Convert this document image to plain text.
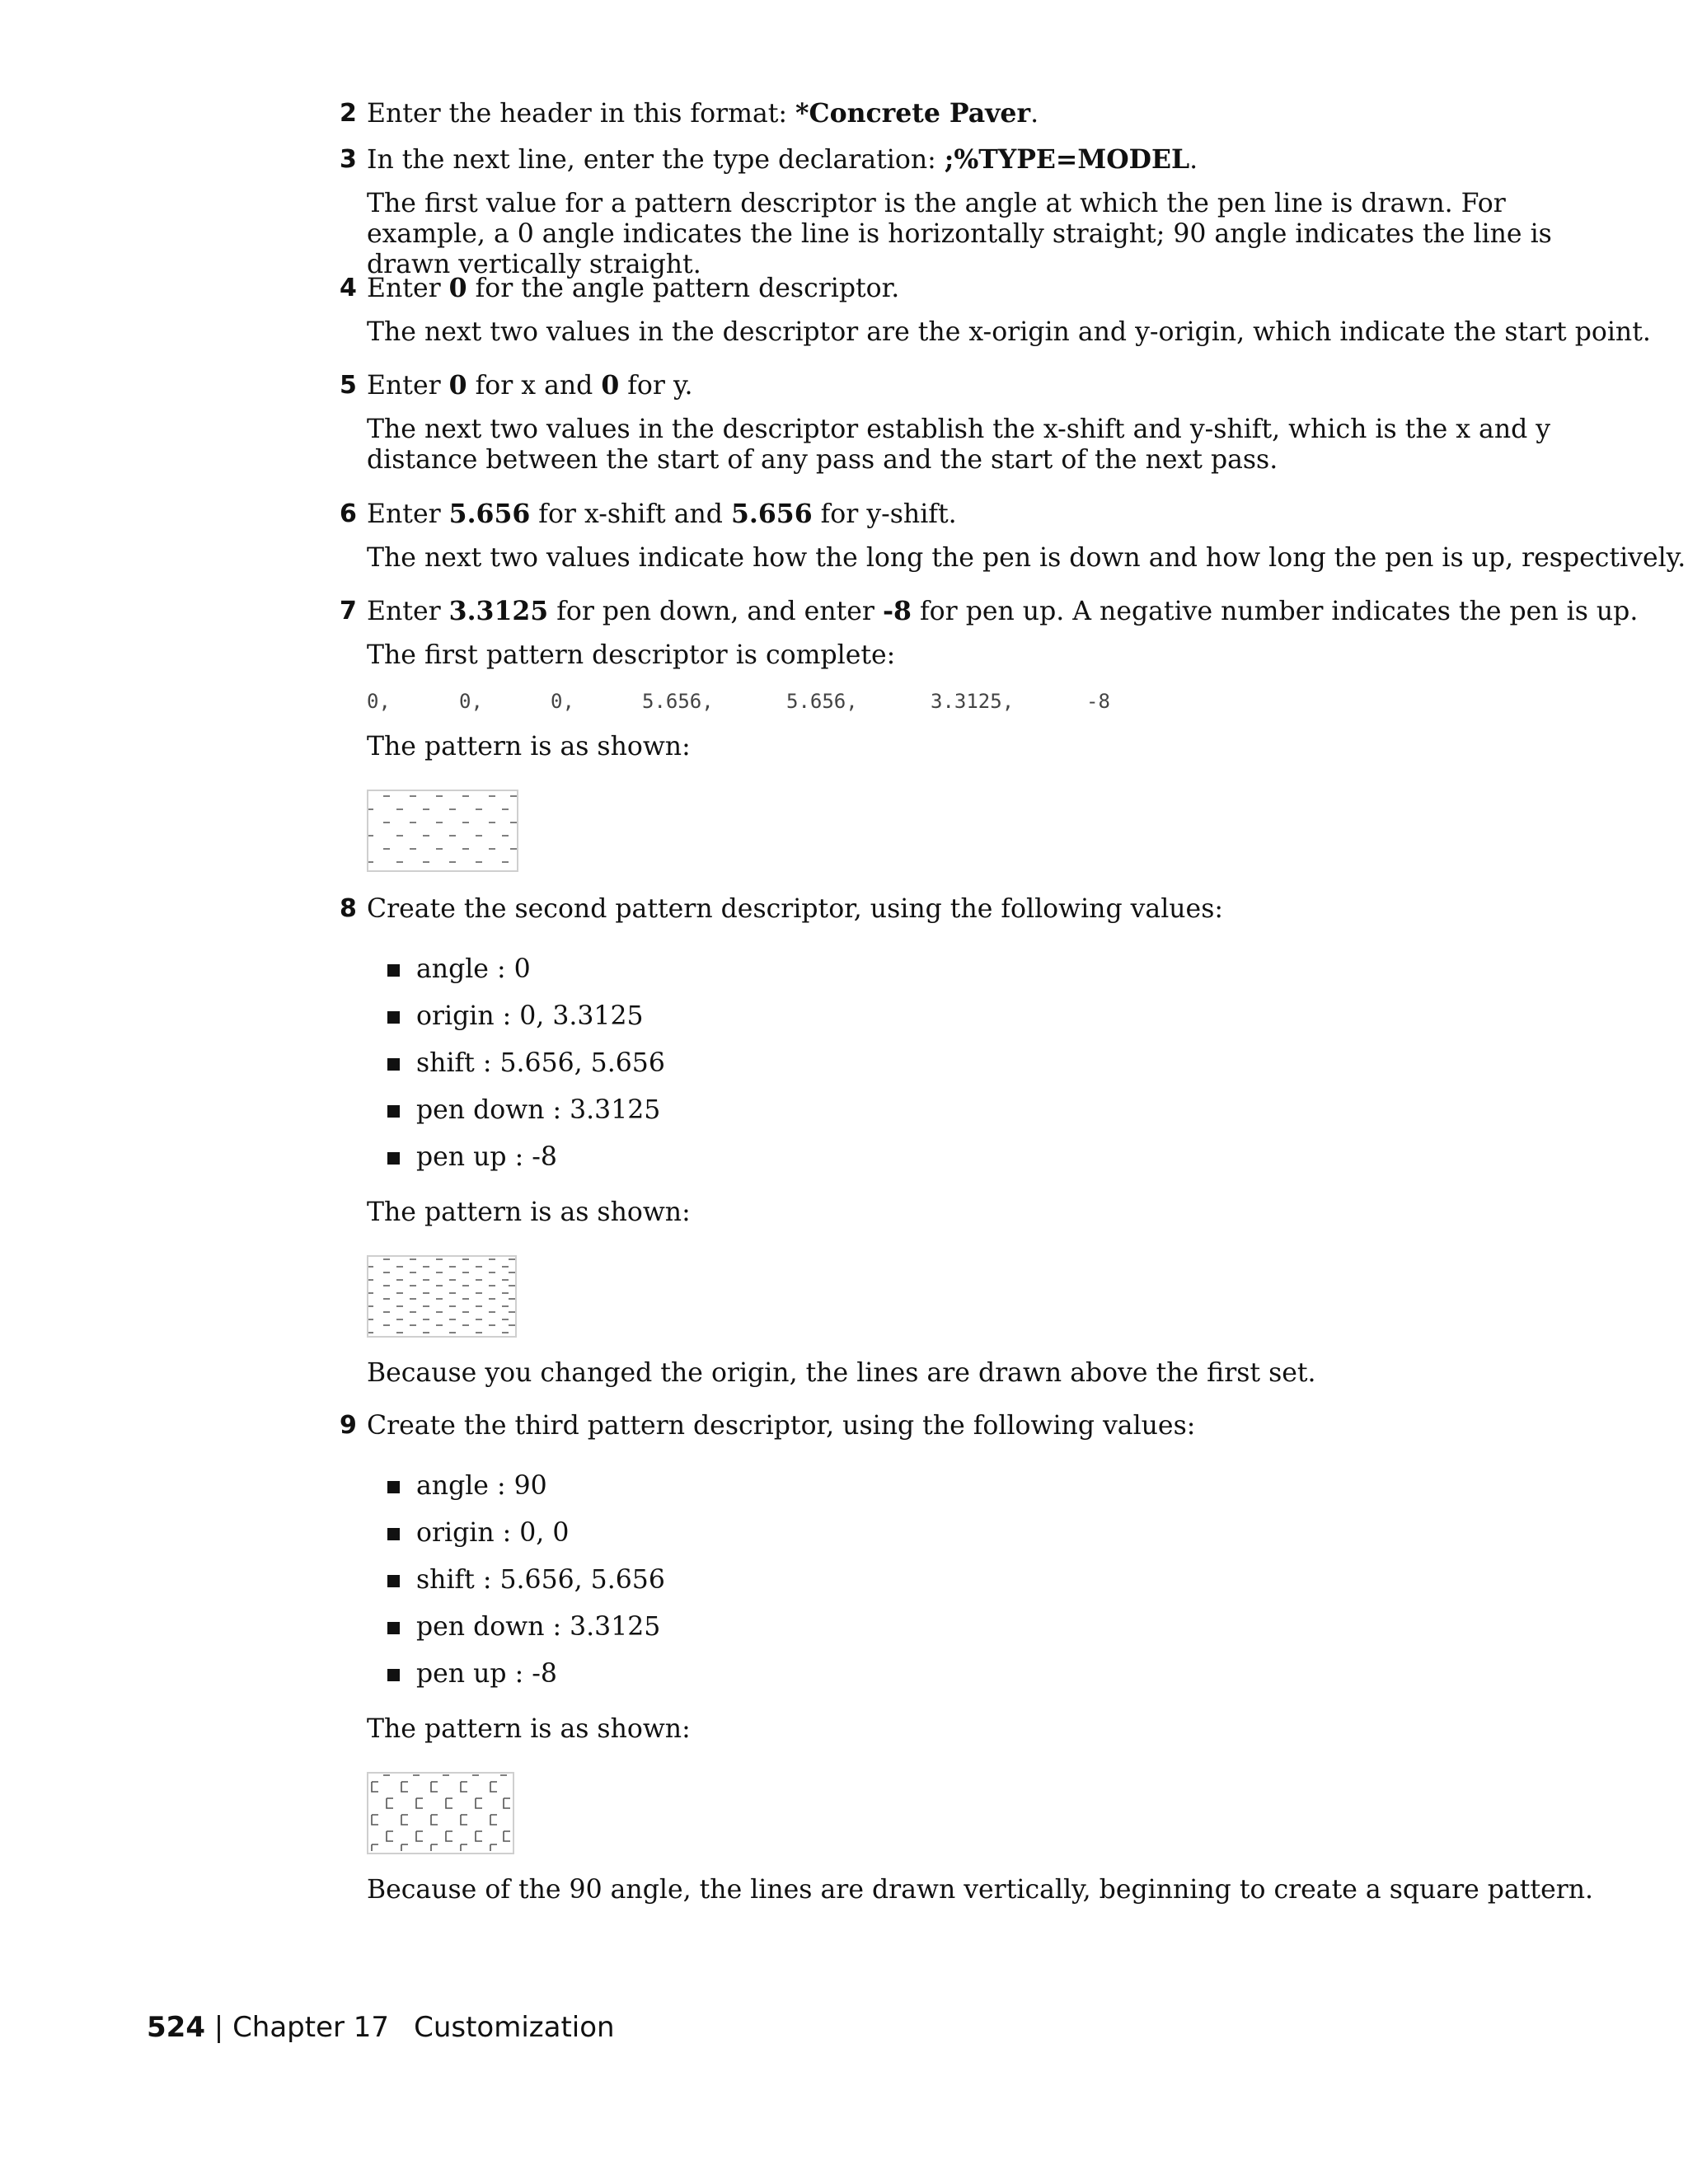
2 Enter the header in this format: *Concrete Paver.
3 In the next line, enter the type declaration: ;%TYPE=MODEL.
The first value for a pattern descriptor is the angle at which the pen line is drawn. For example, a 0 angle indicates the line is horizontally straight; 90 angle indicates the line is drawn vertically straight.
4 Enter 0 for the angle pattern descriptor.
The next two values in the descriptor are the x-origin and y-origin, which indicate the start point.
5 Enter 0 for x and 0 for y.
The next two values in the descriptor establish the x-shift and y-shift, which is the x and y distance between the start of any pass and the start of the next pass.
6 Enter 5.656 for x-shift and 5.656 for y-shift.
The next two values indicate how the long the pen is down and how long the pen is up, respectively.
7 Enter 3.3125 for pen down, and enter -8 for pen up. A negative number indicates the pen is up.
The first pattern descriptor is complete:
0,	0,	0,	5.656,	5.656,	3.3125,	-8
The pattern is as shown:
8 Create the second pattern descriptor, using the following values:
angle : 0
origin : 0, 3.3125
shift : 5.656, 5.656
pen down : 3.3125
pen up : -8
The pattern is as shown:
Because you changed the origin, the lines are drawn above the first set.
9 Create the third pattern descriptor, using the following values:
angle : 90
origin : 0, 0
shift : 5.656, 5.656
pen down : 3.3125
pen up : -8
The pattern is as shown:
Because of the 90 angle, the lines are drawn vertically, beginning to create a square pattern.
524 | Chapter 17 Customization
